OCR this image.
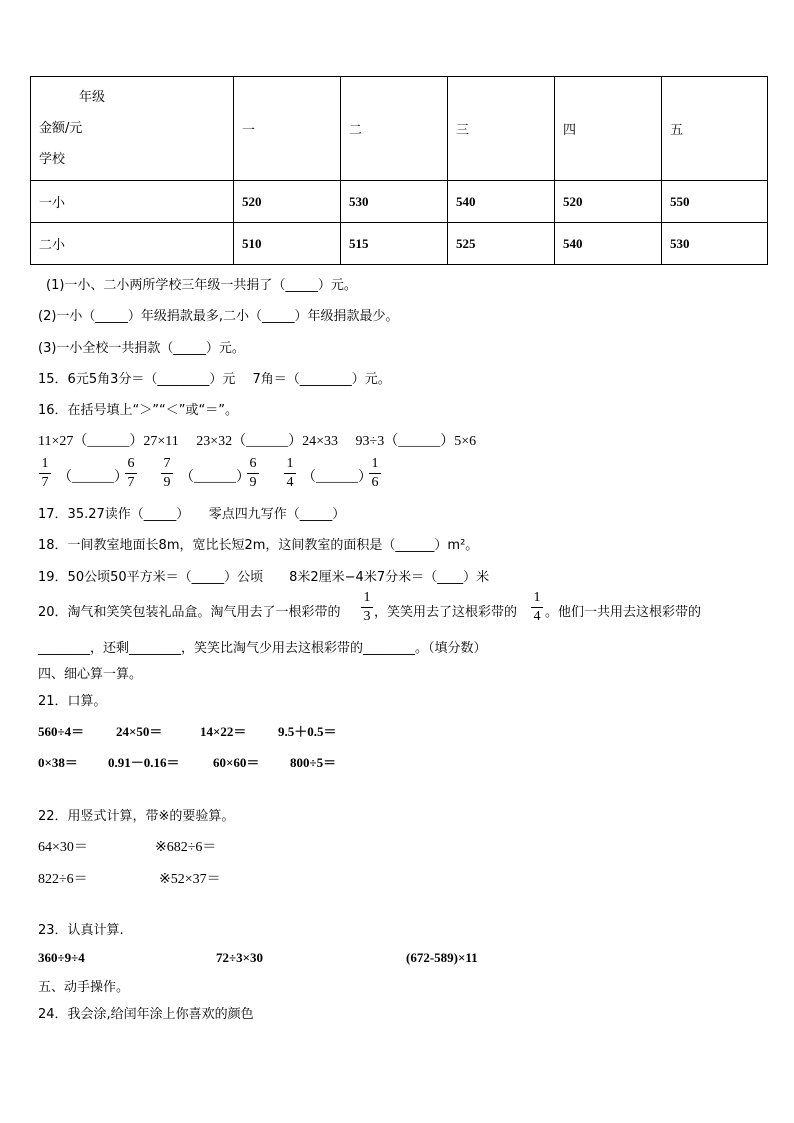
年级
金额/元
学校	一	二	三	四	五
一小	520	530	540	520	550
二小	510	515	525	540	530
(1)一小、二小两所学校三年级一共捐了（_____）元。
(2)一小（_____）年级捐款最多,二小（_____）年级捐款最少。
(3)一小全校一共捐款（_____）元。
15．6元5角3分＝（________）元　 7角＝（________）元。
16．在括号填上“＞”“＜”或“＝”。
11×27（______）27×11　 23×32（______）24×33　 93÷3（______）5×6
1
7 （______）
6
7
7
9 （______）
6
9
1
4 （______）
1
6
17．35.27读作（_____）　　零点四九写作（_____）
18．一间教室地面长8m，宽比长短2m，这间教室的面积是（______）m²。
19．50公顷50平方米＝（_____）公顷　　8米2厘米−4米7分米＝（____）米
20．淘气和笑笑包装礼品盒。淘气用去了一根彩带的
1
3 ，笑笑用去了这根彩带的
1
4 。他们一共用去这根彩带的
________，还剩________，笑笑比淘气少用去这根彩带的________。（填分数）
四、细心算一算。
21．口算。
560÷4＝ 24×50＝	14×22＝ 9.5＋0.5＝
0×38＝ 0.91－0.16＝	60×60＝ 800÷5＝
22．用竖式计算，带※的要验算。
64×30＝	※682÷6＝
822÷6＝	※52×37＝
23．认真计算.
360÷9÷4	72÷3×30	(672-589)×11
五、动手操作。
24．我会涂,给闰年涂上你喜欢的颜色
